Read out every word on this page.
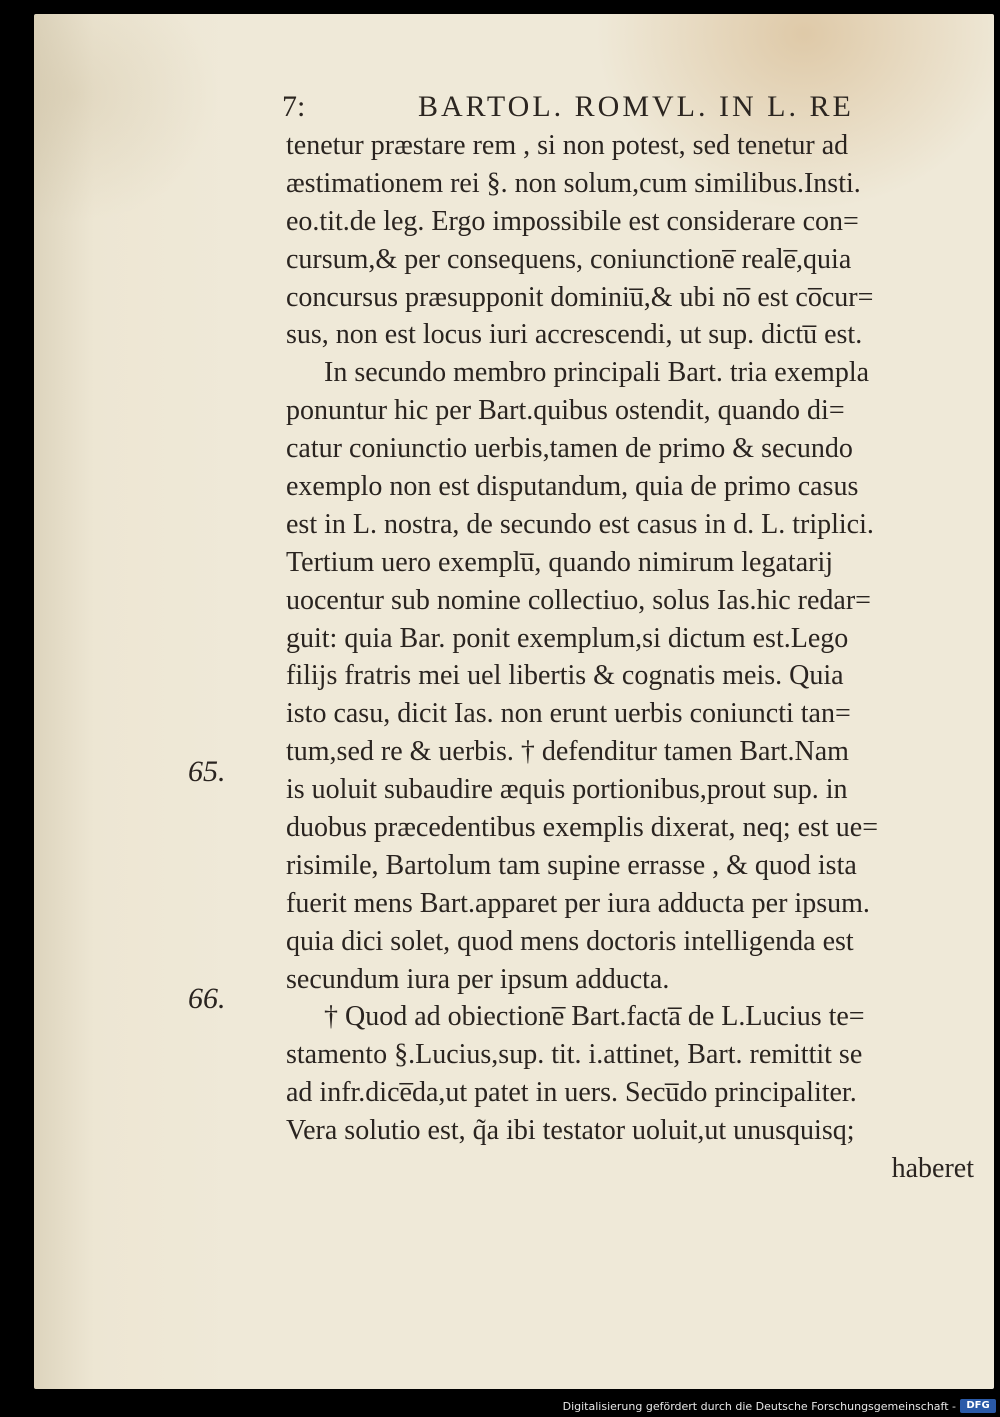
7:	BARTOL. ROMVL. IN L. RE
65.
66.
tenetur præstare rem , si non potest, sed tenetur ad
æstimationem rei §. non solum,cum similibus.Insti.
eo.tit.de leg. Ergo impossibile est considerare con=
cursum,& per consequens, coniunctione̅ reale̅,quia
concursus præsupponit dominiu̅,& ubi no̅ est co̅cur=
sus, non est locus iuri accrescendi, ut sup. dictu̅ est.
In secundo membro principali Bart. tria exempla
ponuntur hic per Bart.quibus ostendit, quando di=
catur coniunctio uerbis,tamen de primo & secundo
exemplo non est disputandum, quia de primo casus
est in L. nostra, de secundo est casus in d. L. triplici.
Tertium uero exemplu̅, quando nimirum legatarij
uocentur sub nomine collectiuo, solus Ias.hic redar=
guit: quia Bar. ponit exemplum,si dictum est.Lego
filijs fratris mei uel libertis & cognatis meis. Quia
isto casu, dicit Ias. non erunt uerbis coniuncti tan=
tum,sed re & uerbis. † defenditur tamen Bart.Nam
is uoluit subaudire æquis portionibus,prout sup. in
duobus præcedentibus exemplis dixerat, neq; est ue=
risimile, Bartolum tam supine errasse , & quod ista
fuerit mens Bart.apparet per iura adducta per ipsum.
quia dici solet, quod mens doctoris intelligenda est
secundum iura per ipsum adducta.
† Quod ad obiectione̅ Bart.facta̅ de L.Lucius te=
stamento §.Lucius,sup. tit. i.attinet, Bart. remittit se
ad infr.dice̅da,ut patet in uers. Secu̅do principaliter.
Vera solutio est, q̃a ibi testator uoluit,ut unusquisq;
haberet
Digitalisierung gefördert durch die Deutsche Forschungsgemeinschaft -	DFG
